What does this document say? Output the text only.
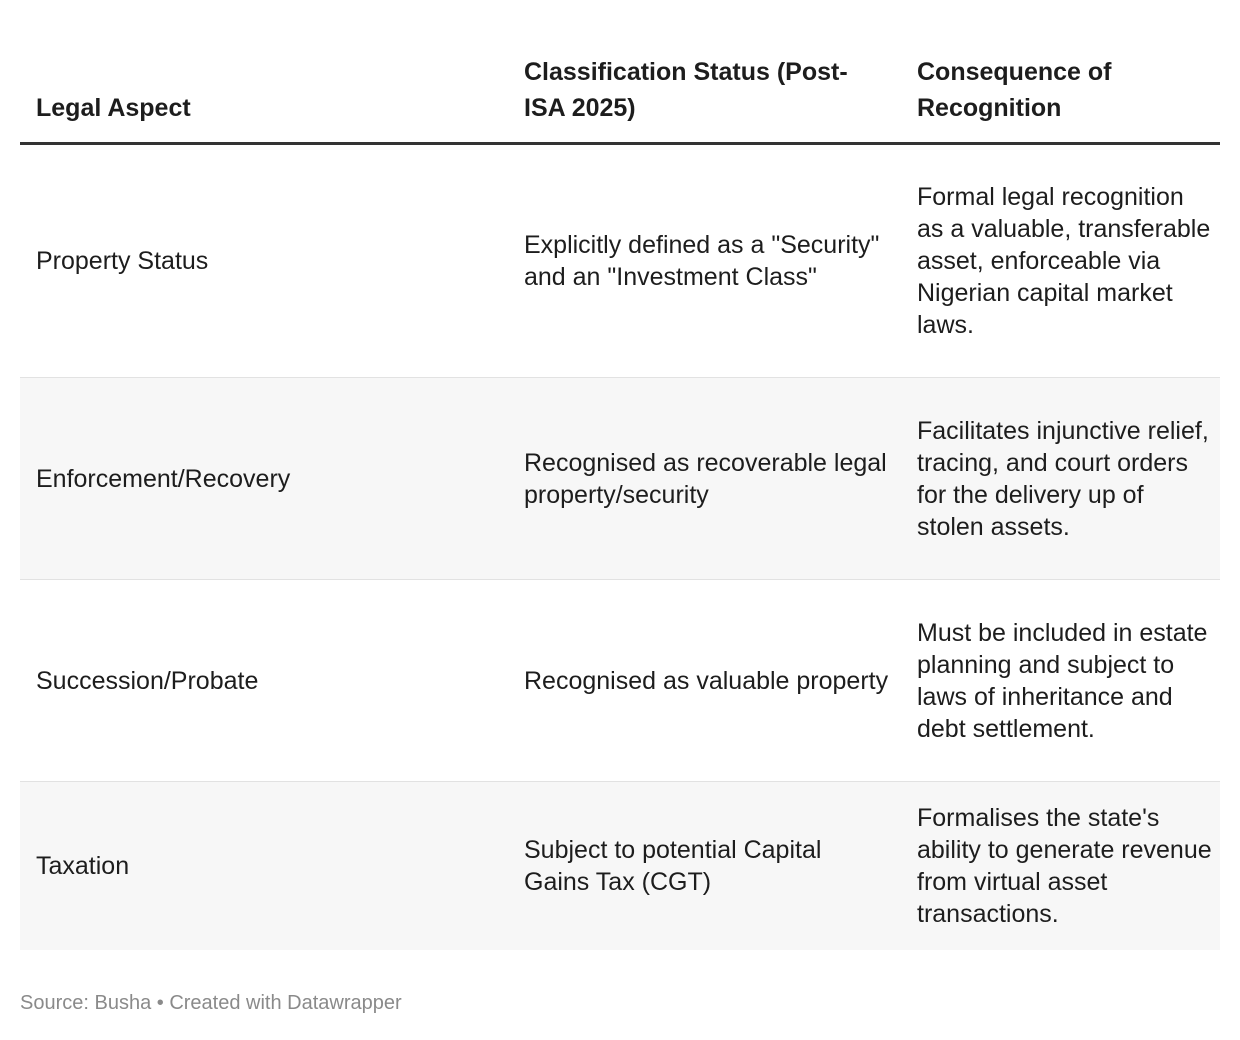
Legal Aspect	Classification Status (Post-ISA 2025)	Consequence of Recognition
Property Status	Explicitly defined as a "Security" and an "Investment Class"	Formal legal recognition as a valuable, transferable asset, enforceable via Nigerian capital market laws.
Enforcement/Recovery	Recognised as recoverable legal property/security	Facilitates injunctive relief, tracing, and court orders for the delivery up of stolen assets.
Succession/Probate	Recognised as valuable property	Must be included in estate planning and subject to laws of inheritance and debt settlement.
Taxation	Subject to potential Capital Gains Tax (CGT)	Formalises the state's ability to generate revenue from virtual asset transactions.
Source: Busha • Created with Datawrapper
